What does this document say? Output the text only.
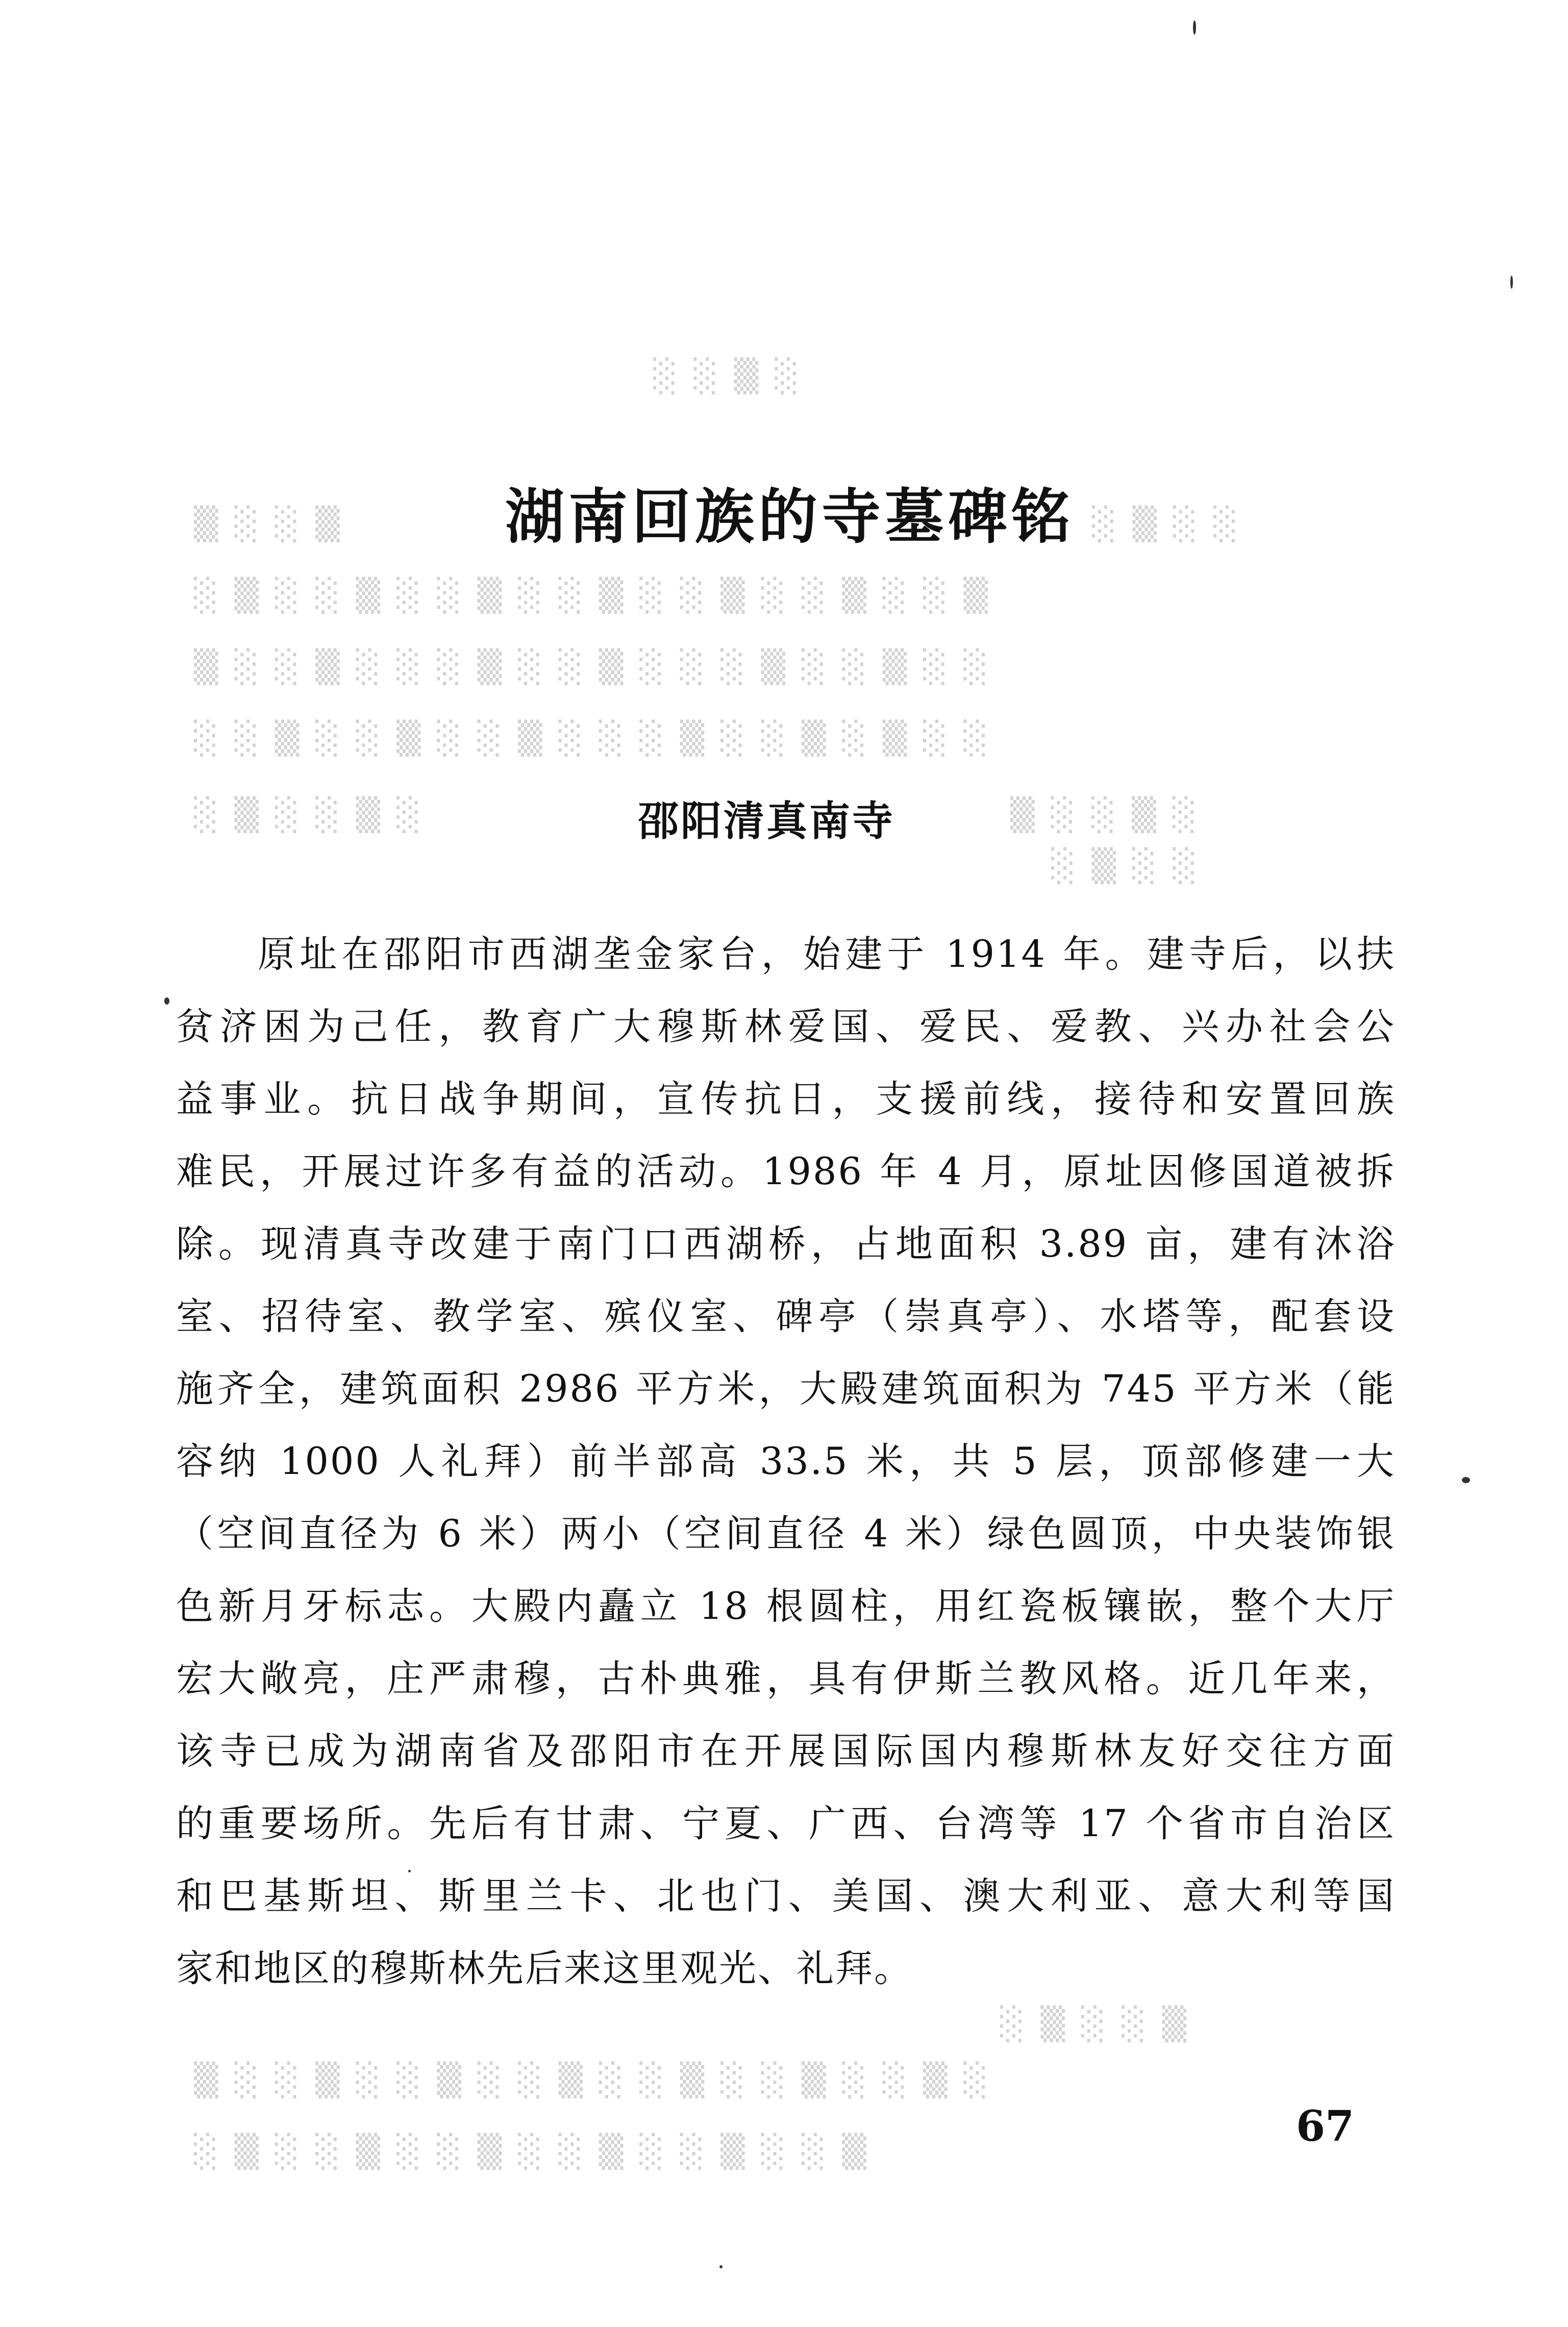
░ ░ ▒ ░
▒ ░ ░ ▒	░ ▒ ░ ░
░ ▒ ░ ░ ▒ ░ ░ ▒ ░ ░ ▒ ░ ░ ▒ ░ ░ ▒ ░ ░ ▒
▒ ░ ░ ▒ ░ ░ ░ ▒ ░ ░ ▒ ░ ░ ░ ▒ ░ ░ ▒ ░ ░
░ ░ ▒ ░ ░ ▒ ░ ░ ▒ ░ ░ ░ ▒ ░ ░ ▒ ░ ▒ ░ ░
░ ▒ ░ ░ ▒ ░	▒ ░ ░ ▒ ░
░ ▒ ░ ░
░ ▒ ░ ░ ▒
▒ ░ ░ ▒ ░ ░ ▒ ░ ░ ▒ ░ ░ ▒ ░ ░ ▒ ░ ░ ▒ ░
░ ▒ ░ ░ ▒ ░ ░ ▒ ░ ░ ▒ ░ ░ ▒ ░ ░ ▒
湖南回族的寺墓碑铭
邵阳清真南寺
原址在邵阳市西湖垄金家台，始建于 1914 年。建寺后，以扶
贫济困为己任，教育广大穆斯林爱国、爱民、爱教、兴办社会公
益事业。抗日战争期间，宣传抗日，支援前线，接待和安置回族
难民，开展过许多有益的活动。1986 年 4 月，原址因修国道被拆
除。现清真寺改建于南门口西湖桥，占地面积 3.89 亩，建有沐浴
室、招待室、教学室、殡仪室、碑亭（崇真亭）、水塔等，配套设
施齐全，建筑面积 2986 平方米，大殿建筑面积为 745 平方米（能
容纳 1000 人礼拜）前半部高 33.5 米，共 5 层，顶部修建一大
（空间直径为 6 米）两小（空间直径 4 米）绿色圆顶，中央装饰银
色新月牙标志。大殿内矗立 18 根圆柱，用红瓷板镶嵌，整个大厅
宏大敞亮，庄严肃穆，古朴典雅，具有伊斯兰教风格。近几年来，
该寺已成为湖南省及邵阳市在开展国际国内穆斯林友好交往方面
的重要场所。先后有甘肃、宁夏、广西、台湾等 17 个省市自治区
和巴基斯坦、斯里兰卡、北也门、美国、澳大利亚、意大利等国
家和地区的穆斯林先后来这里观光、礼拜。
67
